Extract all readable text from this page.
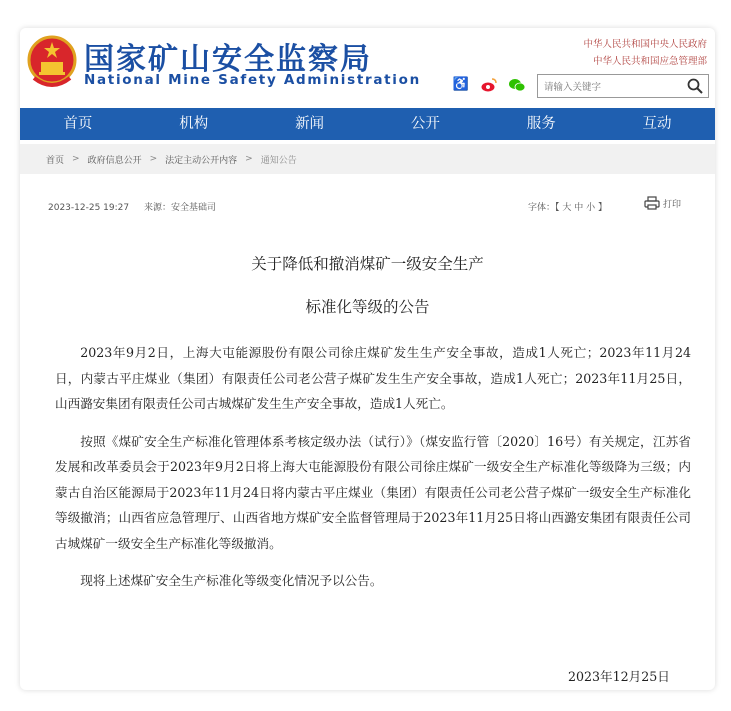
国家矿山安全监察局
National Mine Safety Administration
中华人民共和国中央人民政府
中华人民共和国应急管理部
♿
请输入关键字
首页	机构	新闻	公开	服务	互动
首页 > 政府信息公开 > 法定主动公开内容 > 通知公告
2023-12-25 19:27 来源：安全基础司	字体：【 大 中 小 】	打印
关于降低和撤消煤矿一级安全生产
标准化等级的公告

2023年9月2日，上海大屯能源股份有限公司徐庄煤矿发生生产安全事故，造成1人死亡；2023年11月24日，内蒙古平庄煤业（集团）有限责任公司老公营子煤矿发生生产安全事故，造成1人死亡；2023年11月25日，山西潞安集团有限责任公司古城煤矿发生生产安全事故，造成1人死亡。

按照《煤矿安全生产标准化管理体系考核定级办法（试行）》（煤安监行管〔2020〕16号）有关规定，江苏省发展和改革委员会于2023年9月2日将上海大屯能源股份有限公司徐庄煤矿一级安全生产标准化等级降为三级；内蒙古自治区能源局于2023年11月24日将内蒙古平庄煤业（集团）有限责任公司老公营子煤矿一级安全生产标准化等级撤消；山西省应急管理厅、山西省地方煤矿安全监督管理局于2023年11月25日将山西潞安集团有限责任公司古城煤矿一级安全生产标准化等级撤消。

现将上述煤矿安全生产标准化等级变化情况予以公告。

2023年12月25日
